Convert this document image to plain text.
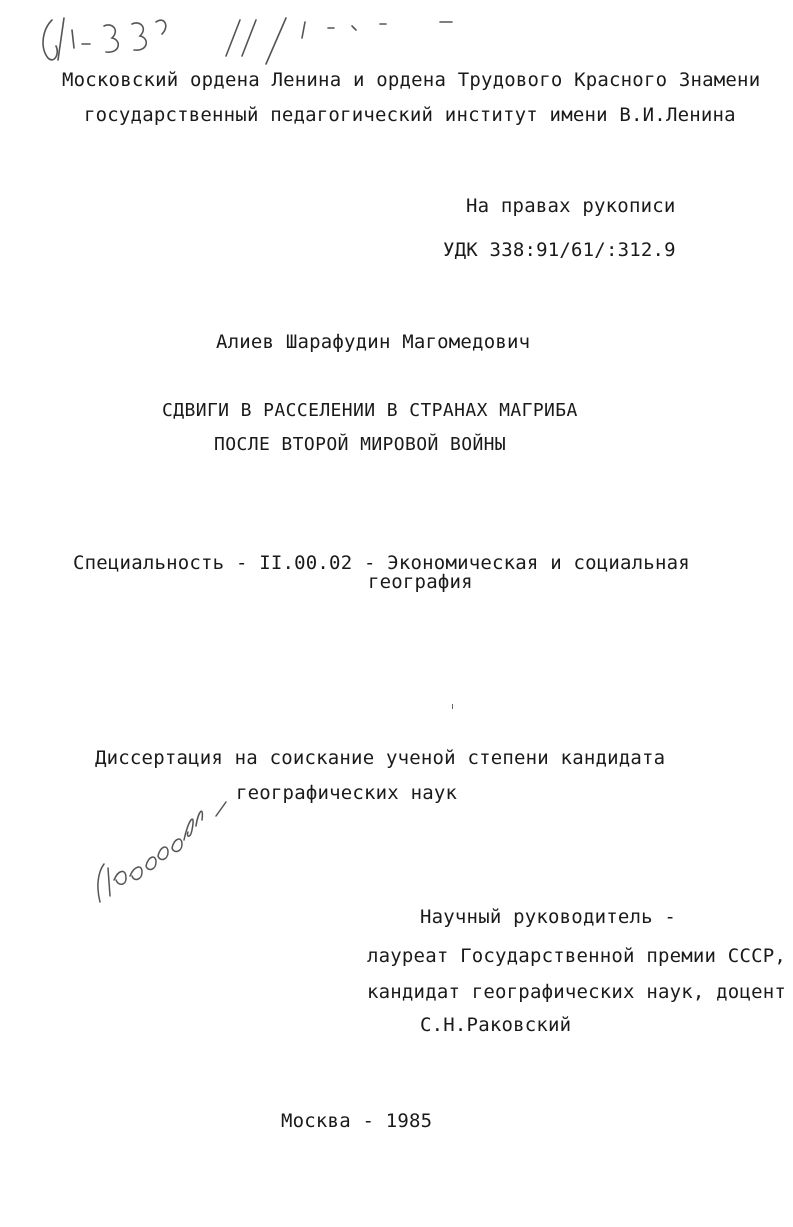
Московский ордена Ленина и ордена Трудового Красного Знамени
государственный педагогический институт имени В.И.Ленина
На правах рукописи
УДК 338:91/61/:312.9
Алиев Шарафудин Магомедович
СДВИГИ В РАССЕЛЕНИИ В СТРАНАХ МАГРИБА
ПОСЛЕ ВТОРОЙ МИРОВОЙ ВОЙНЫ
Специальность - II.00.02 - Экономическая и социальная
география
Диссертация на соискание ученой степени кандидата
географических наук
Научный руководитель -
лауреат Государственной премии СССР,
кандидат географических наук, доцент
С.Н.Раковский
Москва - 1985
